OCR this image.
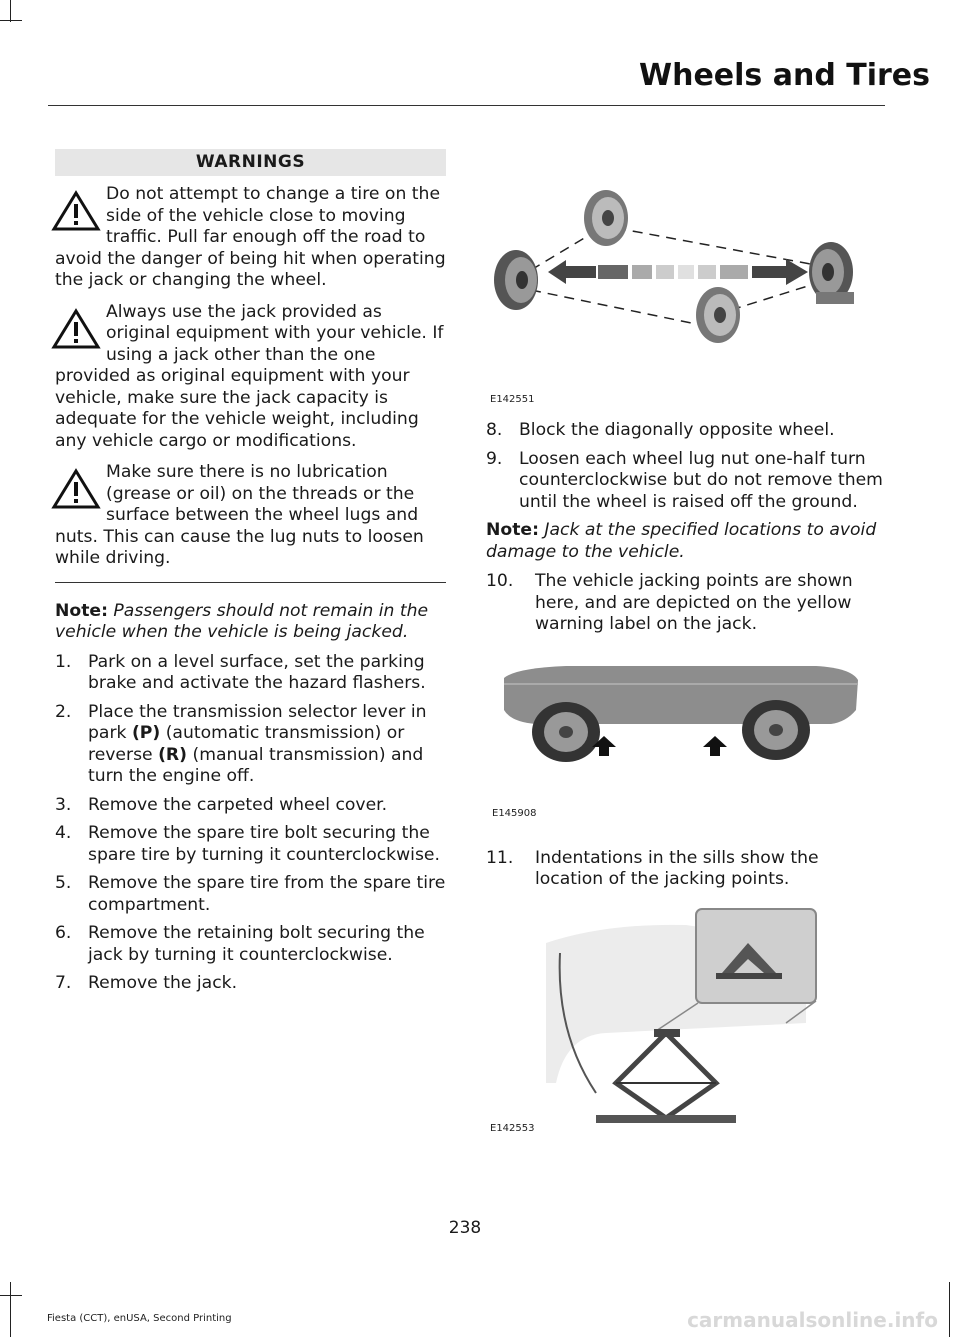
Wheels and Tires
WARNINGS

Do not attempt to change a tire on the side of the vehicle close to moving traffic. Pull far enough off the road to avoid the danger of being hit when operating the jack or changing the wheel.

Always use the jack provided as original equipment with your vehicle. If using a jack other than the one provided as original equipment with your vehicle, make sure the jack capacity is adequate for the vehicle weight, including any vehicle cargo or modifications.

Make sure there is no lubrication (grease or oil) on the threads or the surface between the wheel lugs and nuts. This can cause the lug nuts to loosen while driving.

Note: Passengers should not remain in the vehicle when the vehicle is being jacked.
1. Park on a level surface, set the parking brake and activate the hazard flashers.
2. Place the transmission selector lever in park (P) (automatic transmission) or reverse (R) (manual transmission) and turn the engine off.
3. Remove the carpeted wheel cover.
4. Remove the spare tire bolt securing the spare tire by turning it counterclockwise.
5. Remove the spare tire from the spare tire compartment.
6. Remove the retaining bolt securing the jack by turning it counterclockwise.
7. Remove the jack.
E142551
8. Block the diagonally opposite wheel.
9. Loosen each wheel lug nut one-half turn counterclockwise but do not remove them until the wheel is raised off the ground.
Note: Jack at the specified locations to avoid damage to the vehicle.
10. The vehicle jacking points are shown here, and are depicted on the yellow warning label on the jack.
E145908
11. Indentations in the sills show the location of the jacking points.
E142553
238
Fiesta (CCT), enUSA, Second Printing	carmanualsonline.info
